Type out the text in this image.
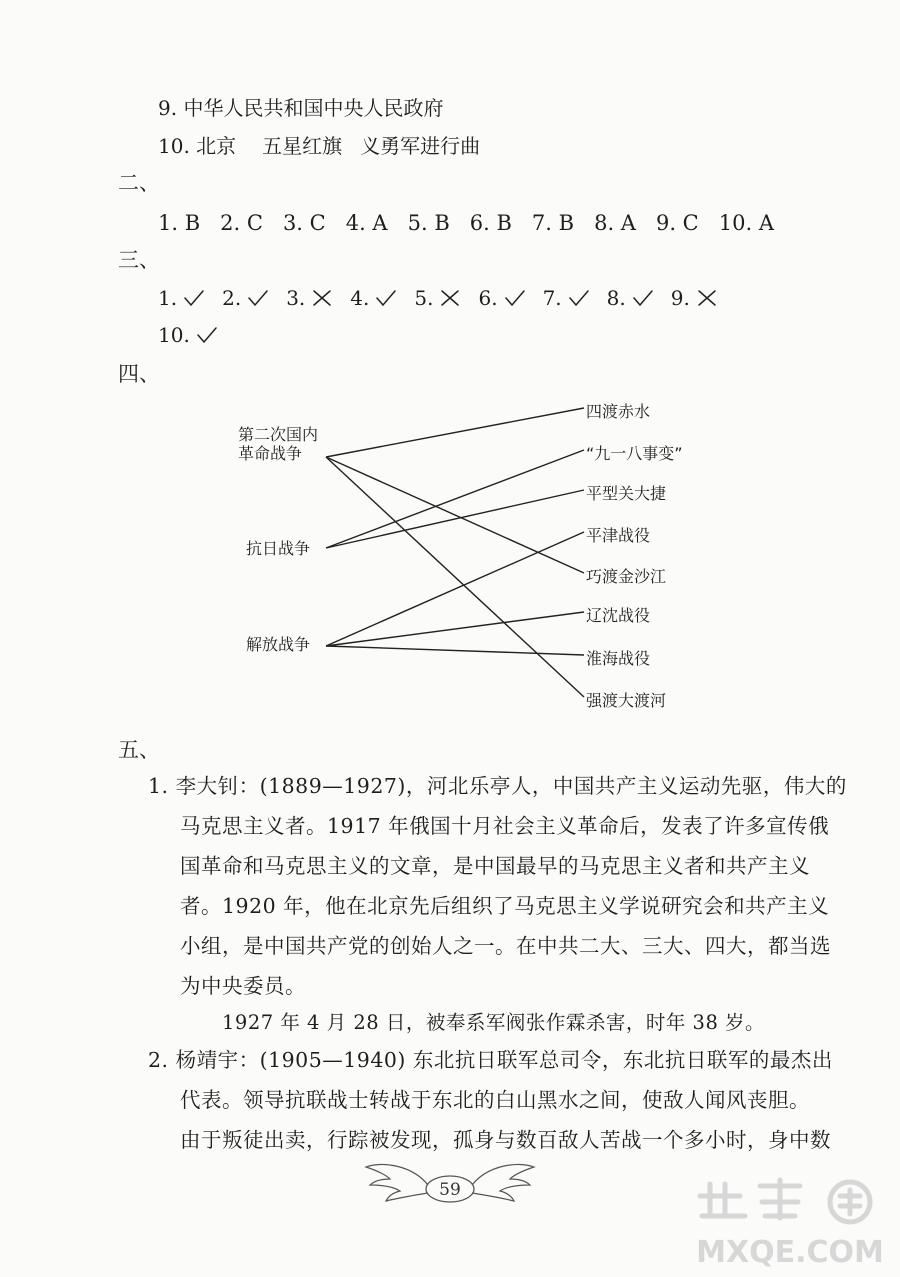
9. 中华人民共和国中央人民政府
10. 北京 五星红旗 义勇军进行曲
二、
1. B 2. C 3. C 4. A 5. B 6. B 7. B 8. A 9. C 10. A
三、
1. 2. 3. 4. 5. 6. 7. 8. 9.
10.
四、
第二次国内革命战争
抗日战争
解放战争
四渡赤水
“九一八事变”
平型关大捷
平津战役
巧渡金沙江
辽沈战役
淮海战役
强渡大渡河
五、
1. 李大钊：(1889—1927)，河北乐亭人，中国共产主义运动先驱，伟大的
马克思主义者。1917 年俄国十月社会主义革命后，发表了许多宣传俄
国革命和马克思主义的文章，是中国最早的马克思主义者和共产主义
者。1920 年，他在北京先后组织了马克思主义学说研究会和共产主义
小组，是中国共产党的创始人之一。在中共二大、三大、四大，都当选
为中央委员。
1927 年 4 月 28 日，被奉系军阀张作霖杀害，时年 38 岁。
2. 杨靖宇：(1905—1940) 东北抗日联军总司令，东北抗日联军的最杰出
代表。领导抗联战士转战于东北的白山黑水之间，使敌人闻风丧胆。
由于叛徒出卖，行踪被发现，孤身与数百敌人苦战一个多小时，身中数
59
MXQE.COM
